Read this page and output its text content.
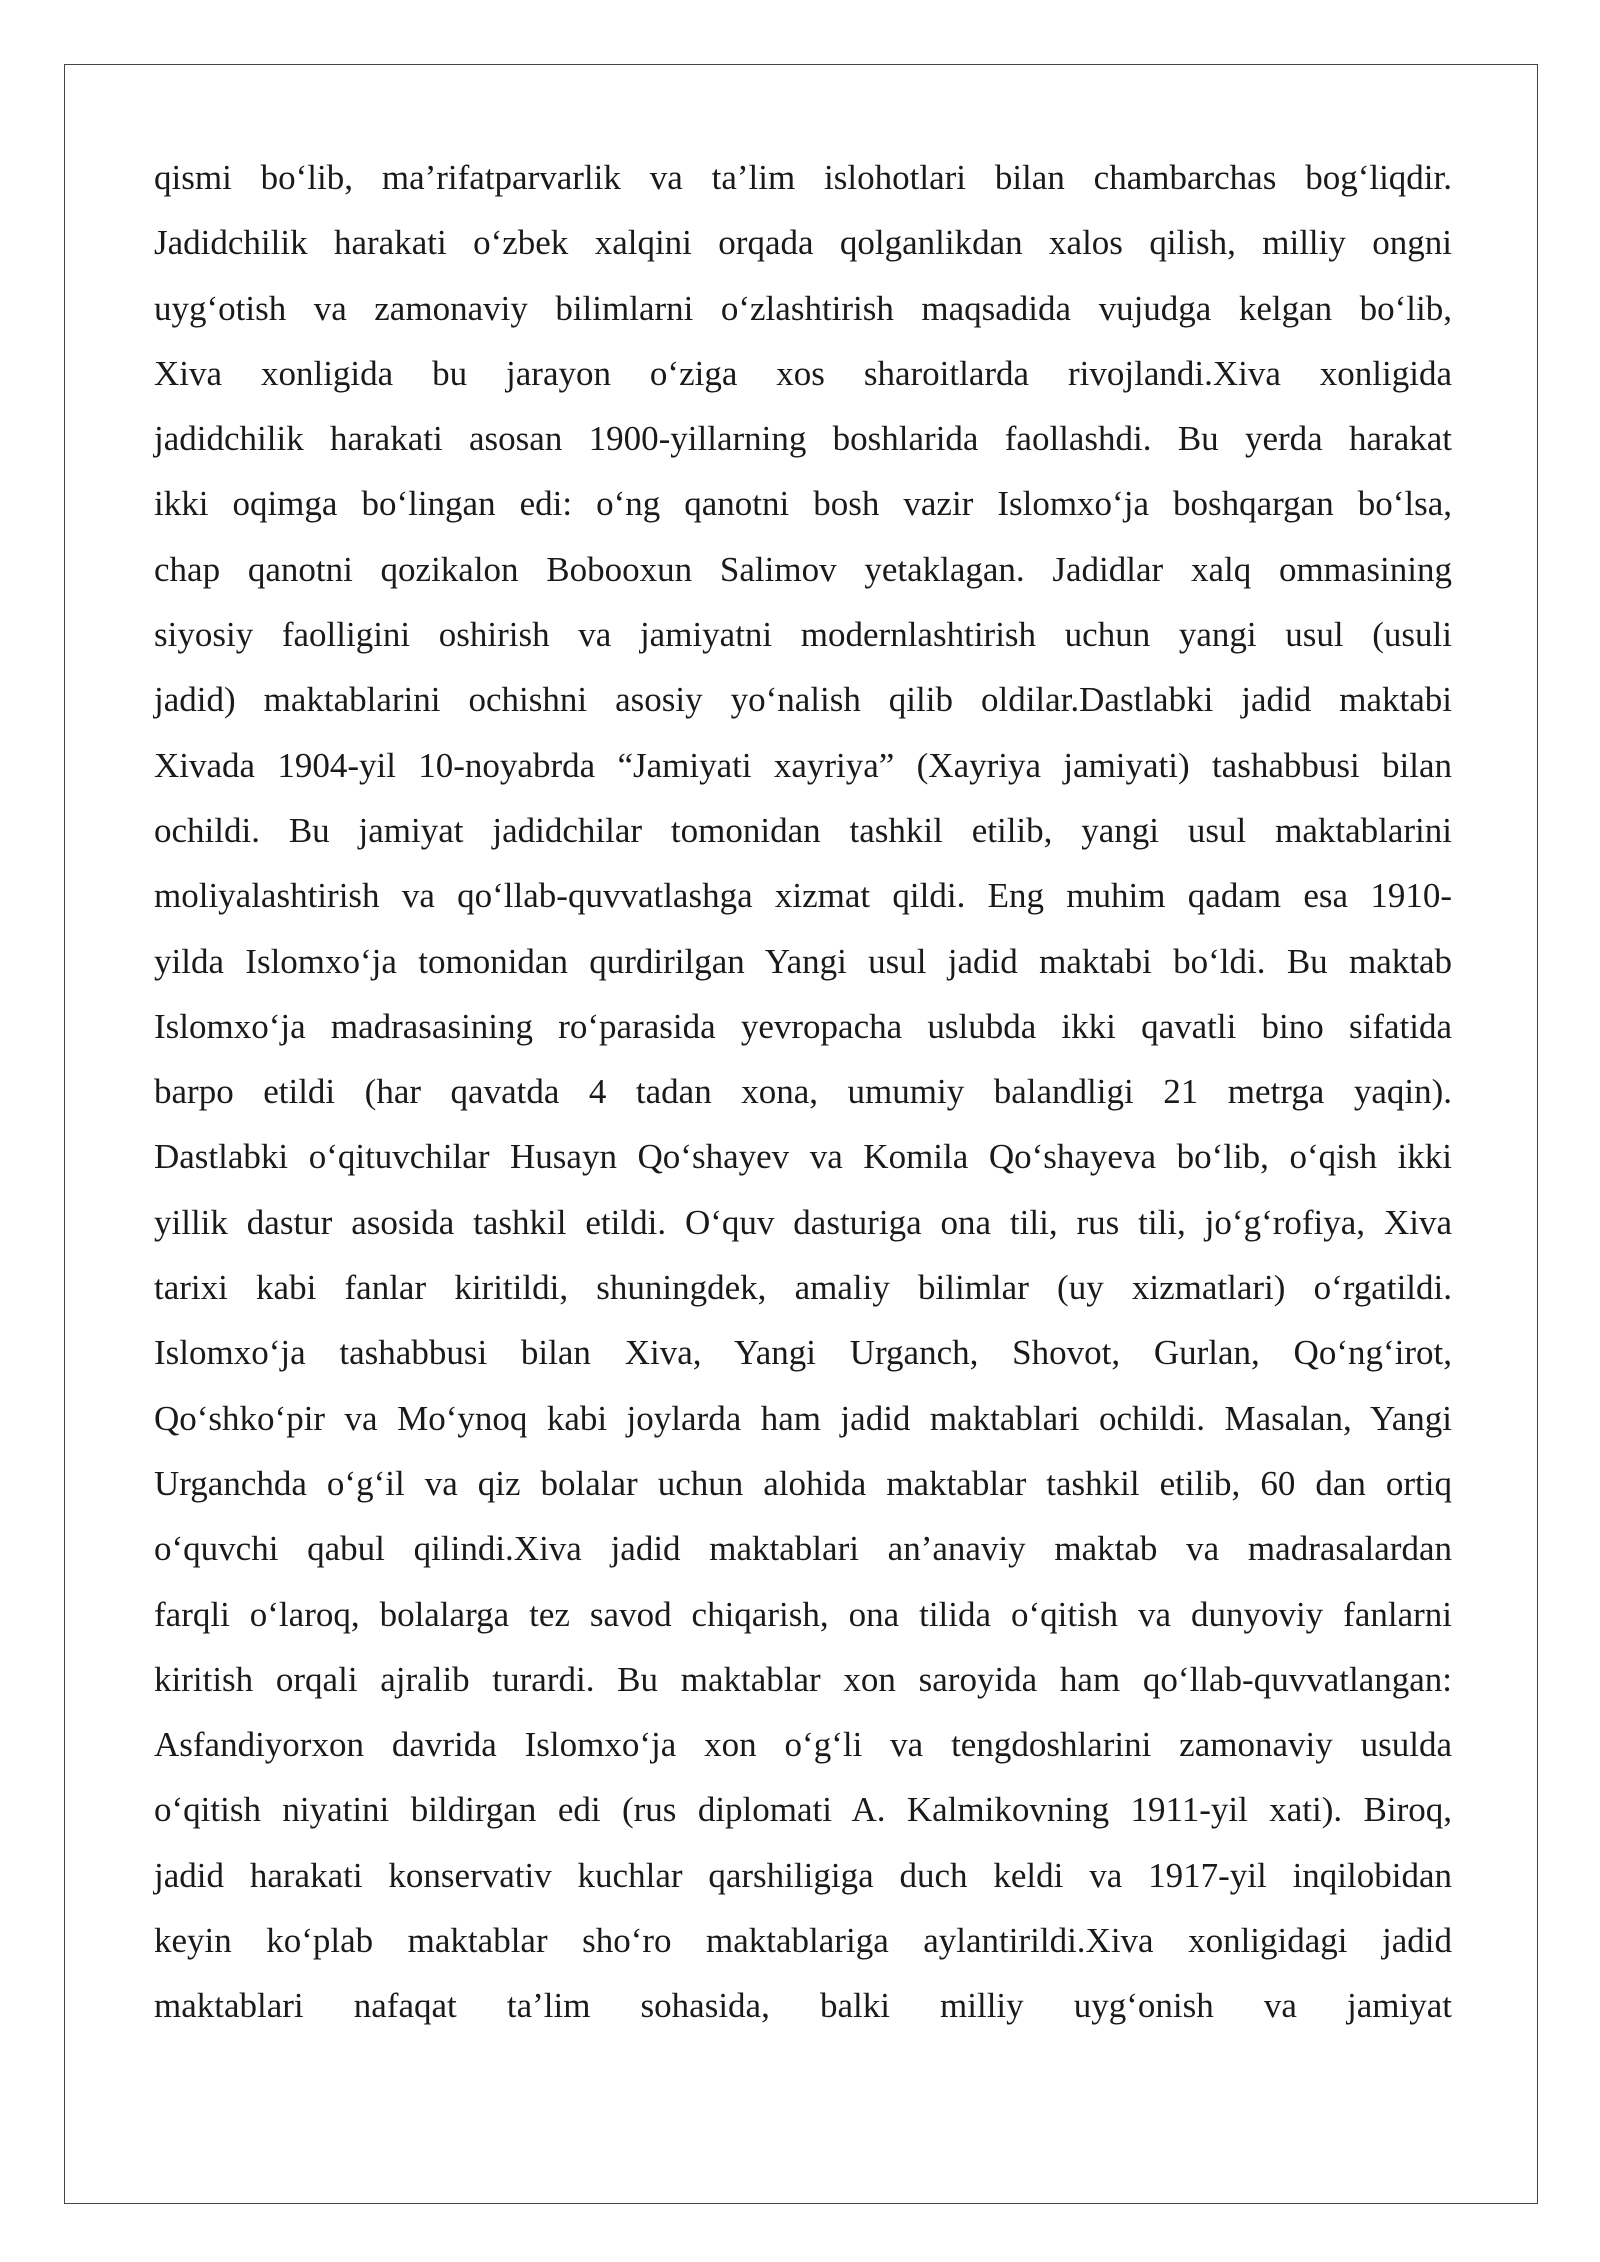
qismi bo‘lib, ma’rifatparvarlik va ta’lim islohotlari bilan chambarchas bog‘liqdir.
Jadidchilik harakati o‘zbek xalqini orqada qolganlikdan xalos qilish, milliy ongni
uyg‘otish va zamonaviy bilimlarni o‘zlashtirish maqsadida vujudga kelgan bo‘lib,
Xiva xonligida bu jarayon o‘ziga xos sharoitlarda rivojlandi.Xiva xonligida
jadidchilik harakati asosan 1900-yillarning boshlarida faollashdi. Bu yerda harakat
ikki oqimga bo‘lingan edi: o‘ng qanotni bosh vazir Islomxo‘ja boshqargan bo‘lsa,
chap qanotni qozikalon Bobooxun Salimov yetaklagan. Jadidlar xalq ommasining
siyosiy faolligini oshirish va jamiyatni modernlashtirish uchun yangi usul (usuli
jadid) maktablarini ochishni asosiy yo‘nalish qilib oldilar.Dastlabki jadid maktabi
Xivada 1904-yil 10-noyabrda “Jamiyati xayriya” (Xayriya jamiyati) tashabbusi bilan
ochildi. Bu jamiyat jadidchilar tomonidan tashkil etilib, yangi usul maktablarini
moliyalashtirish va qo‘llab-quvvatlashga xizmat qildi. Eng muhim qadam esa 1910-
yilda Islomxo‘ja tomonidan qurdirilgan Yangi usul jadid maktabi bo‘ldi. Bu maktab
Islomxo‘ja madrasasining ro‘parasida yevropacha uslubda ikki qavatli bino sifatida
barpo etildi (har qavatda 4 tadan xona, umumiy balandligi 21 metrga yaqin).
Dastlabki o‘qituvchilar Husayn Qo‘shayev va Komila Qo‘shayeva bo‘lib, o‘qish ikki
yillik dastur asosida tashkil etildi. O‘quv dasturiga ona tili, rus tili, jo‘g‘rofiya, Xiva
tarixi kabi fanlar kiritildi, shuningdek, amaliy bilimlar (uy xizmatlari) o‘rgatildi.
Islomxo‘ja tashabbusi bilan Xiva, Yangi Urganch, Shovot, Gurlan, Qo‘ng‘irot,
Qo‘shko‘pir va Mo‘ynoq kabi joylarda ham jadid maktablari ochildi. Masalan, Yangi
Urganchda o‘g‘il va qiz bolalar uchun alohida maktablar tashkil etilib, 60 dan ortiq
o‘quvchi qabul qilindi.Xiva jadid maktablari an’anaviy maktab va madrasalardan
farqli o‘laroq, bolalarga tez savod chiqarish, ona tilida o‘qitish va dunyoviy fanlarni
kiritish orqali ajralib turardi. Bu maktablar xon saroyida ham qo‘llab-quvvatlangan:
Asfandiyorxon davrida Islomxo‘ja xon o‘g‘li va tengdoshlarini zamonaviy usulda
o‘qitish niyatini bildirgan edi (rus diplomati A. Kalmikovning 1911-yil xati). Biroq,
jadid harakati konservativ kuchlar qarshiligiga duch keldi va 1917-yil inqilobidan
keyin ko‘plab maktablar sho‘ro maktablariga aylantirildi.Xiva xonligidagi jadid
maktablari nafaqat ta’lim sohasida, balki milliy uyg‘onish va jamiyat
